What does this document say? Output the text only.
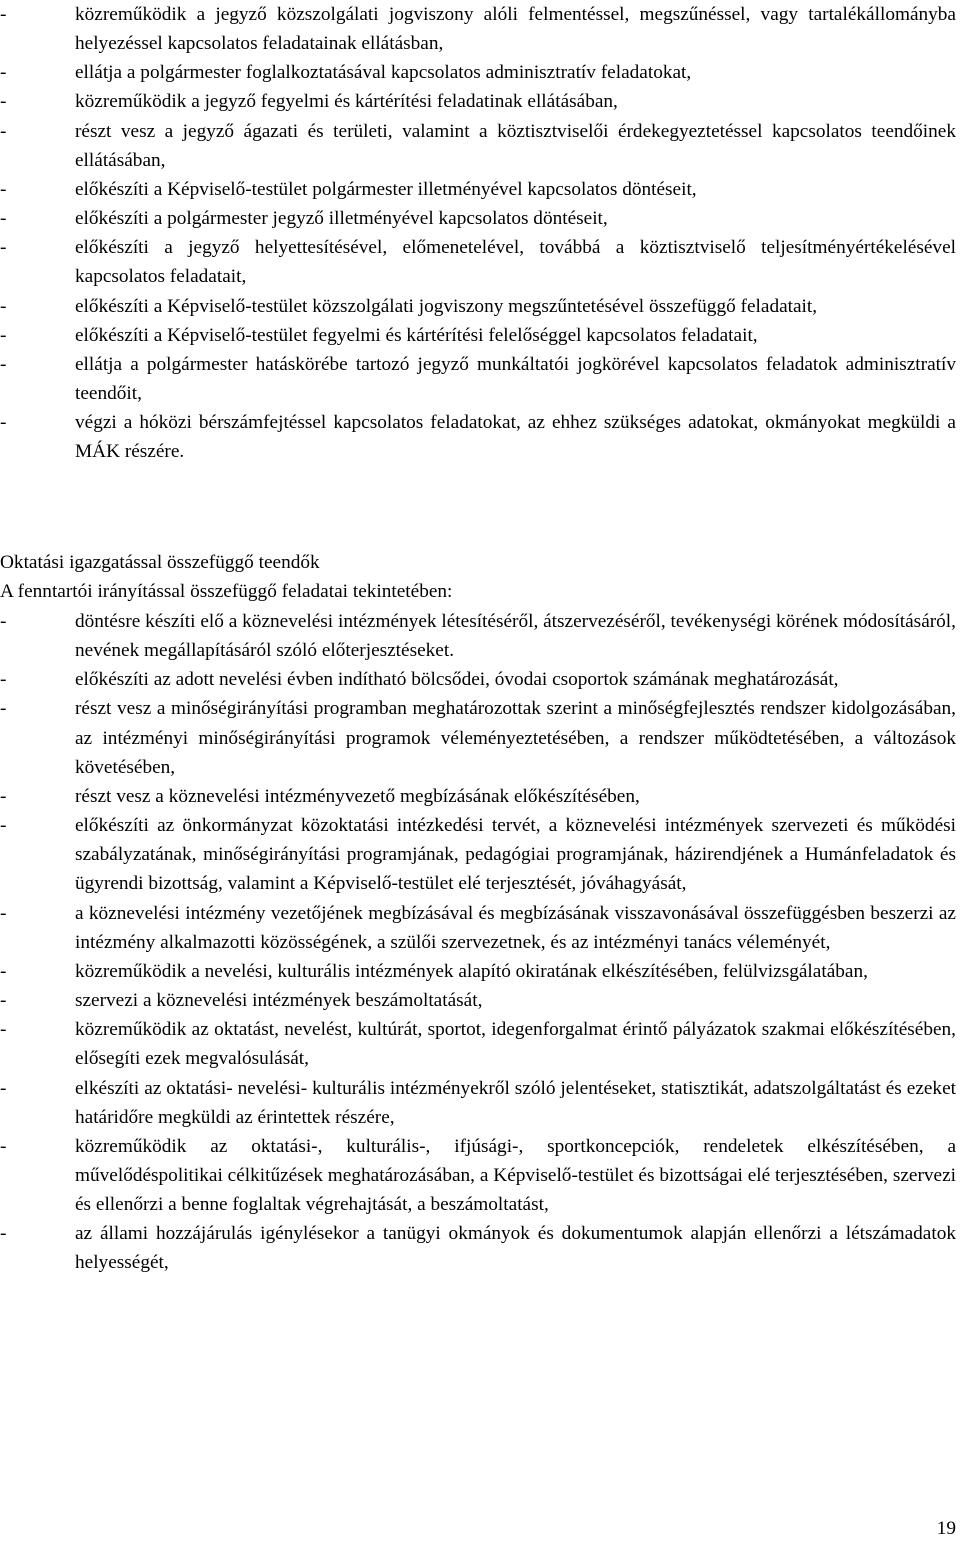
-	közreműködik a jegyző közszolgálati jogviszony alóli felmentéssel, megszűnéssel, vagy tartalékállományba helyezéssel kapcsolatos feladatainak ellátásban,
-	ellátja a polgármester foglalkoztatásával kapcsolatos adminisztratív feladatokat,
-	közreműködik a jegyző fegyelmi és kártérítési feladatinak ellátásában,
-	részt vesz a jegyző ágazati és területi, valamint a köztisztviselői érdekegyeztetéssel kapcsolatos teendőinek ellátásában,
-	előkészíti a Képviselő-testület polgármester illetményével kapcsolatos döntéseit,
-	előkészíti a polgármester jegyző illetményével kapcsolatos döntéseit,
-	előkészíti a jegyző helyettesítésével, előmenetelével, továbbá a köztisztviselő teljesítményértékelésével kapcsolatos feladatait,
-	előkészíti a Képviselő-testület közszolgálati jogviszony megszűntetésével összefüggő feladatait,
-	előkészíti a Képviselő-testület fegyelmi és kártérítési felelőséggel kapcsolatos feladatait,
-	ellátja a polgármester hatáskörébe tartozó jegyző munkáltatói jogkörével kapcsolatos feladatok adminisztratív teendőit,
-	végzi a hóközi bérszámfejtéssel kapcsolatos feladatokat, az ehhez szükséges adatokat, okmányokat megküldi a MÁK részére.
Oktatási igazgatással összefüggő teendők
A fenntartói irányítással összefüggő feladatai tekintetében:
-	döntésre készíti elő a köznevelési intézmények létesítéséről, átszervezéséről, tevékenységi körének módosításáról, nevének megállapításáról szóló előterjesztéseket.
-	előkészíti az adott nevelési évben indítható bölcsődei, óvodai csoportok számának meghatározását,
-	részt vesz a minőségirányítási programban meghatározottak szerint a minőségfejlesztés rendszer kidolgozásában, az intézményi minőségirányítási programok véleményeztetésében, a rendszer működtetésében, a változások követésében,
-	részt vesz a köznevelési intézményvezető megbízásának előkészítésében,
-	előkészíti az önkormányzat közoktatási intézkedési tervét, a köznevelési intézmények szervezeti és működési szabályzatának, minőségirányítási programjának, pedagógiai programjának, házirendjének a Humánfeladatok és ügyrendi bizottság, valamint a Képviselő-testület elé terjesztését, jóváhagyását,
-	a köznevelési intézmény vezetőjének megbízásával és megbízásának visszavonásával összefüggésben beszerzi az intézmény alkalmazotti közösségének, a szülői szervezetnek, és az intézményi tanács véleményét,
-	közreműködik a nevelési, kulturális intézmények alapító okiratának elkészítésében, felülvizsgálatában,
-	szervezi a köznevelési intézmények beszámoltatását,
-	közreműködik az oktatást, nevelést, kultúrát, sportot, idegenforgalmat érintő pályázatok szakmai előkészítésében, elősegíti ezek megvalósulását,
-	elkészíti az oktatási- nevelési- kulturális intézményekről szóló jelentéseket, statisztikát, adatszolgáltatást és ezeket határidőre megküldi az érintettek részére,
-	közreműködik az oktatási-, kulturális-, ifjúsági-, sportkoncepciók, rendeletek elkészítésében, a művelődéspolitikai célkitűzések meghatározásában, a Képviselő-testület és bizottságai elé terjesztésében, szervezi és ellenőrzi a benne foglaltak végrehajtását, a beszámoltatást,
-	az állami hozzájárulás igénylésekor a tanügyi okmányok és dokumentumok alapján ellenőrzi a létszámadatok helyességét,
19
